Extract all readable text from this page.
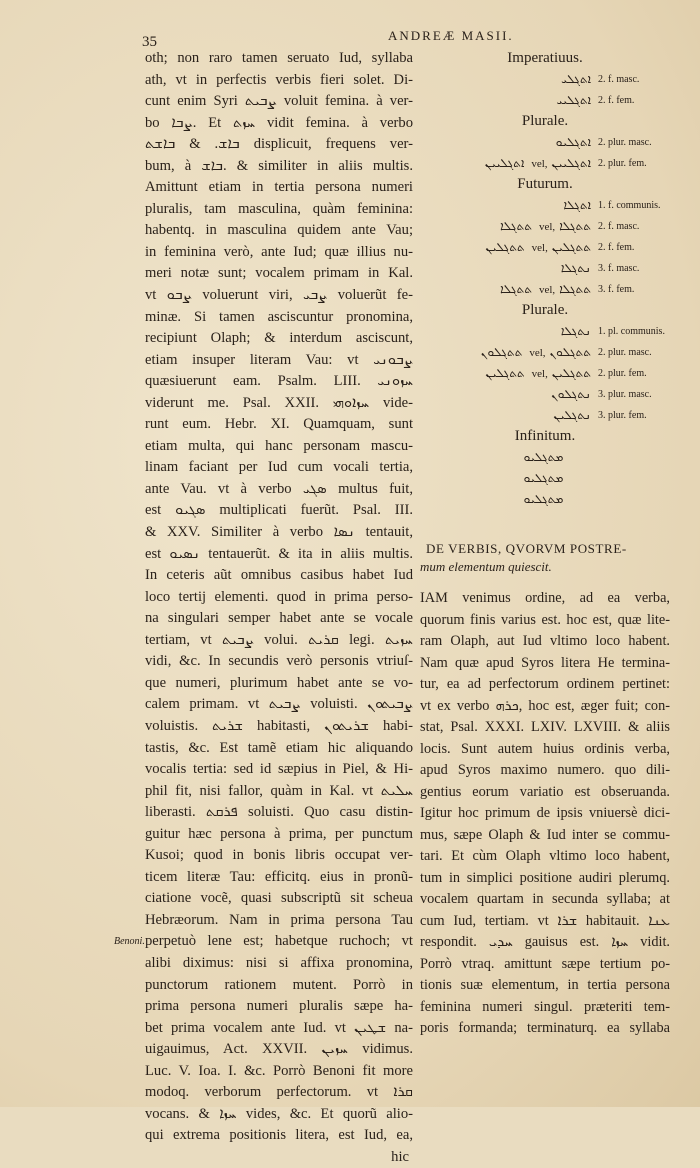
35	ANDREÆ MASII.
Benoni.
oth; non raro tamen seruato Iud, syllaba
ath, vt in perfectis verbis fieri solet. Di-
cunt enim Syri ܨܒܝܬ voluit femina. à ver-
bo ܨܒܐ. Et ܚܙܬ vidit femina. à verbo
ܒܐܫ. & ܒܐܫܬ displicuit, frequens ver-
bum, à ܒܐܫ. & similiter in aliis multis.
Amittunt etiam in tertia persona numeri
pluralis, tam masculina, quàm feminina:
habentq. in masculina quidem ante Vau;
in feminina verò, ante Iud; quæ illius nu-
meri notæ sunt; vocalem primam in Kal.
vt ܨܒܘ voluerunt viri, ܨܒܝ voluerũt fe-
minæ. Si tamen asciscuntur pronomina,
recipiunt Olaph; & interdum asciscunt,
etiam insuper literam Vau: vt ܨܒܘܢܝ
quæsiuerunt eam. Psalm. LIII. ܚܙܘܢܝ
viderunt me. Psal. XXII. ܚܙܐܘܗܝ vide-
runt eum. Hebr. XI. Quamquam, sunt
etiam multa, qui hanc personam mascu-
linam faciant per Iud cum vocali tertia,
ante Vau. vt à verbo ܣܓܝ multus fuit,
est ܣܓܝܘ multiplicati fuerũt. Psal. III.
& XXV. Similiter à verbo ܢܣܐ tentauit,
est ܢܣܝܘ tentauerũt. & ita in aliis multis.
In ceteris aũt omnibus casibus habet Iud
loco tertij elementi. quod in prima perso-
na singulari semper habet ante se vocale
tertiam, vt ܨܒܝܬ volui. ܩܪܝܬ legi. ܚܙܝܬ
vidi, &c. In secundis verò personis vtriuſ-
que numeri, plurimum habet ante se vo-
calem primam. vt ܨܒܝܬ voluisti. ܨܒܝܬܘܢ
voluistis. ܫܪܝܬ habitasti, ܫܪܝܬܘܢ habi-
tastis, &c. Est tamẽ etiam hic aliquando
vocalis tertia: sed id sæpius in Piel, & Hi-
phil fit, nisi fallor, quàm in Kal. vt ܚܠܝܬ
liberasti. ܦܪܩܬ soluisti. Quo casu distin-
guitur hæc persona à prima, per punctum
Kusoi; quod in bonis libris occupat ver-
ticem literæ Tau: efficitq. eius in pronũ-
ciatione vocẽ, quasi subscriptũ sit scheua
Hebræorum. Nam in prima persona Tau
perpetuò lene est; habetque ruchoch; vt
alibi diximus: nisi si affixa pronomina,
punctorum rationem mutent. Porrò in
prima persona numeri pluralis sæpe ha-
bet prima vocalem ante Iud. vt ܫܛܝܢ na-
uigauimus, Act. XXVII. ܚܙܝܢ vidimus.
Luc. V. Ioa. I. &c. Porrò Benoni fit more
modoq. verborum perfectorum. vt ܩܪܐ
vocans. & ܚܙܐ vides, &c. Et quorũ alio-
qui extrema positionis litera, est Iud, ea,
hic
Imperatiuus.
ܐܬܓܠܝ 2. f. masc.
ܐܬܓܠܝܝ 2. f. fem.
Plurale.
ܐܬܓܠܝܘ 2. plur. masc.
ܐܬܓܠܝܝܢ vel, ܐܬܓܠܝܝܢ 2. plur. fem.
Futurum.
ܐܬܓܠܐ 1. f. communis.
ܬܬܓܠܐ vel, ܬܬܓܠܐ 2. f. masc.
ܬܬܓܠܝܢ vel, ܬܬܓܠܝܢ 2. f. fem.
ܢܬܓܠܐ 3. f. masc.
ܬܬܓܠܐ vel, ܬܬܓܠܐ 3. f. fem.
Plurale.
ܢܬܓܠܐ 1. pl. communis.
ܬܬܓܠܘܢ vel, ܬܬܓܠܘܢ 2. plur. masc.
ܬܬܓܠܝܢ vel, ܬܬܓܠܝܢ 2. plur. fem.
ܢܬܓܠܘܢ 3. plur. masc.
ܢܬܓܠܝܢ 3. plur. fem.
Infinitum.
ܡܬܓܠܝܘ
ܡܬܓܠܝܘ
ܡܬܓܠܝܘ
DE VERBIS, QVORVM POSTRE-
mum elementum quiescit.
IAM venimus ordine, ad ea verba,
quorum finis varius est. hoc est, quæ lite-
ram Olaph, aut Iud vltimo loco habent.
Nam quæ apud Syros litera He termina-
tur, ea ad perfectorum ordinem pertinet:
vt ex verbo ܟܪܗ, hoc est, æger fuit; con-
stat, Psal. XXXI. LXIV. LXVIII. & aliis
locis. Sunt autem huius ordinis verba,
apud Syros maximo numero. quo dili-
gentius eorum variatio est obseruanda.
Igitur hoc primum de ipsis vniuersè dici-
mus, sæpe Olaph & Iud inter se commu-
tari. Et cùm Olaph vltimo loco habent,
tum in simplici positione audiri plerumq.
vocalem quartam in secunda syllaba; at
cum Iud, tertiam. vt ܫܪܐ habitauit. ܥܢܐ
respondit. ܚܕܝ gauisus est. ܚܙܐ vidit.
Porrò vtraq. amittunt sæpe tertium po-
tionis suæ elementum, in tertia persona
feminina numeri singul. præteriti tem-
poris formanda; terminaturq. ea syllaba
